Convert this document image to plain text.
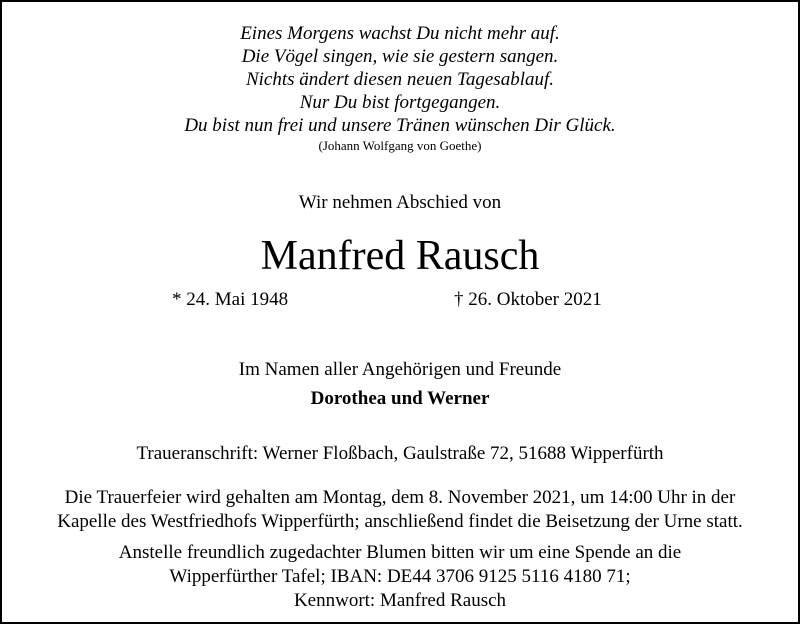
Eines Morgens wachst Du nicht mehr auf.
Die Vögel singen, wie sie gestern sangen.
Nichts ändert diesen neuen Tagesablauf.
Nur Du bist fortgegangen.
Du bist nun frei und unsere Tränen wünschen Dir Glück.
(Johann Wolfgang von Goethe)
Wir nehmen Abschied von
Manfred Rausch
* 24. Mai 1948	† 26. Oktober 2021
Im Namen aller Angehörigen und Freunde
Dorothea und Werner
Traueranschrift: Werner Floßbach, Gaulstraße 72, 51688 Wipperfürth
Die Trauerfeier wird gehalten am Montag, dem 8. November 2021, um 14:00 Uhr in der
Kapelle des Westfriedhofs Wipperfürth; anschließend findet die Beisetzung der Urne statt.
Anstelle freundlich zugedachter Blumen bitten wir um eine Spende an die
Wipperfürther Tafel; IBAN: DE44 3706 9125 5116 4180 71;
Kennwort: Manfred Rausch
